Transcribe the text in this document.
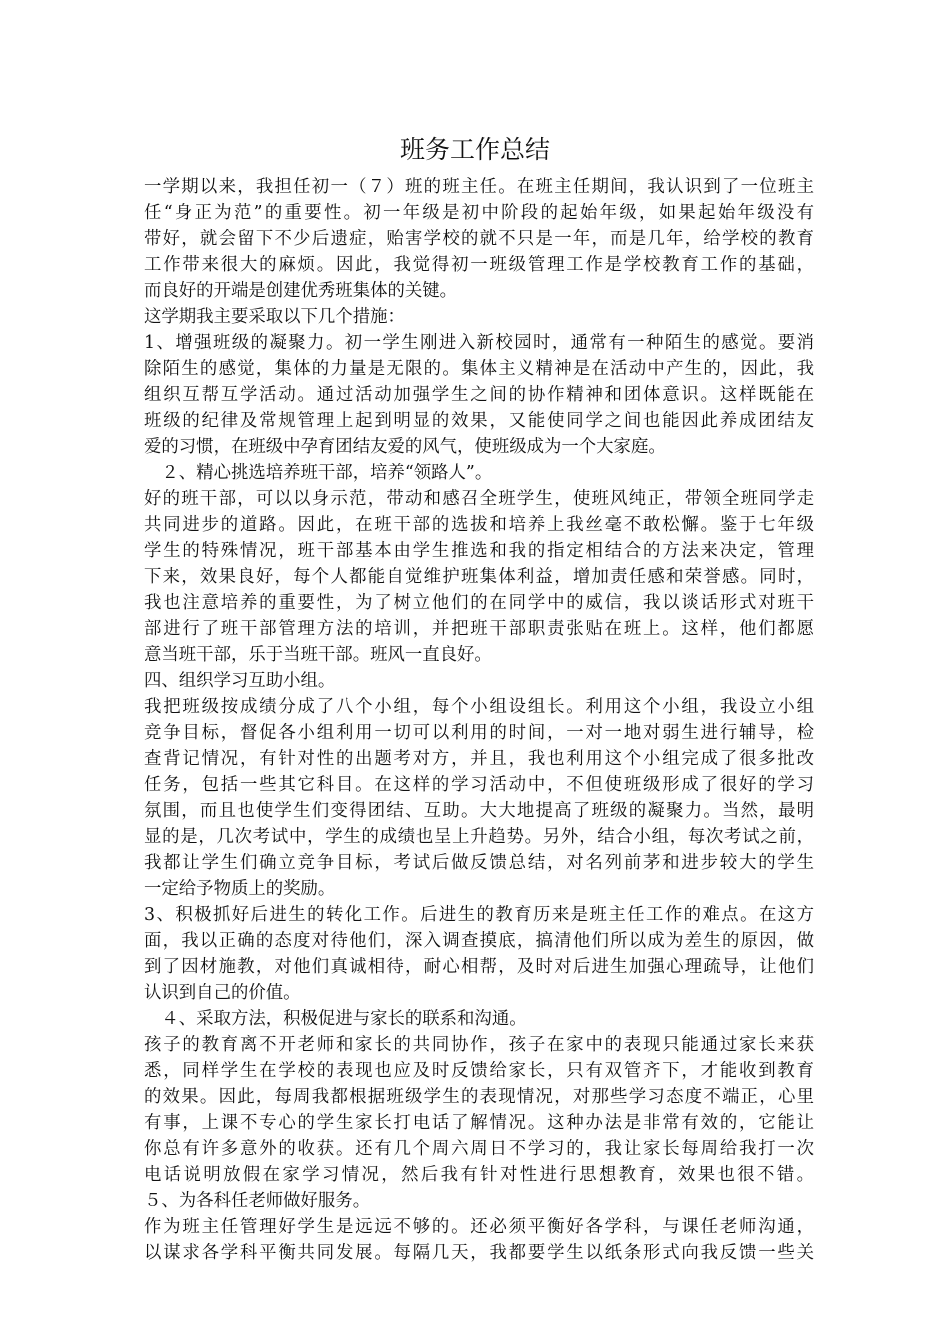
班务工作总结
一学期以来，我担任初一（７）班的班主任。在班主任期间，我认识到了一位班主
任“身正为范”的重要性。初一年级是初中阶段的起始年级，如果起始年级没有
带好，就会留下不少后遗症，贻害学校的就不只是一年，而是几年，给学校的教育
工作带来很大的麻烦。因此，我觉得初一班级管理工作是学校教育工作的基础，
而良好的开端是创建优秀班集体的关键。
这学期我主要采取以下几个措施：
1、增强班级的凝聚力。初一学生刚进入新校园时，通常有一种陌生的感觉。要消
除陌生的感觉，集体的力量是无限的。集体主义精神是在活动中产生的，因此，我
组织互帮互学活动。通过活动加强学生之间的协作精神和团体意识。这样既能在
班级的纪律及常规管理上起到明显的效果，又能使同学之间也能因此养成团结友
爱的习惯，在班级中孕育团结友爱的风气，使班级成为一个大家庭。
　２、精心挑选培养班干部，培养“领路人”。
好的班干部，可以以身示范，带动和感召全班学生，使班风纯正，带领全班同学走
共同进步的道路。因此，在班干部的选拔和培养上我丝毫不敢松懈。鉴于七年级
学生的特殊情况，班干部基本由学生推选和我的指定相结合的方法来决定，管理
下来，效果良好，每个人都能自觉维护班集体利益，增加责任感和荣誉感。同时，
我也注意培养的重要性，为了树立他们的在同学中的威信，我以谈话形式对班干
部进行了班干部管理方法的培训，并把班干部职责张贴在班上。这样，他们都愿
意当班干部，乐于当班干部。班风一直良好。
四、组织学习互助小组。
我把班级按成绩分成了八个小组，每个小组设组长。利用这个小组，我设立小组
竞争目标，督促各小组利用一切可以利用的时间，一对一地对弱生进行辅导，检
查背记情况，有针对性的出题考对方，并且，我也利用这个小组完成了很多批改
任务，包括一些其它科目。在这样的学习活动中，不但使班级形成了很好的学习
氛围，而且也使学生们变得团结、互助。大大地提高了班级的凝聚力。当然，最明
显的是，几次考试中，学生的成绩也呈上升趋势。另外，结合小组，每次考试之前，
我都让学生们确立竞争目标，考试后做反馈总结，对名列前茅和进步较大的学生
一定给予物质上的奖励。
3、积极抓好后进生的转化工作。后进生的教育历来是班主任工作的难点。在这方
面，我以正确的态度对待他们，深入调查摸底，搞清他们所以成为差生的原因，做
到了因材施教，对他们真诚相待，耐心相帮，及时对后进生加强心理疏导，让他们
认识到自己的价值。
　４、采取方法，积极促进与家长的联系和沟通。
孩子的教育离不开老师和家长的共同协作，孩子在家中的表现只能通过家长来获
悉，同样学生在学校的表现也应及时反馈给家长，只有双管齐下，才能收到教育
的效果。因此，每周我都根据班级学生的表现情况，对那些学习态度不端正，心里
有事，上课不专心的学生家长打电话了解情况。这种办法是非常有效的，它能让
你总有许多意外的收获。还有几个周六周日不学习的，我让家长每周给我打一次
电话说明放假在家学习情况，然后我有针对性进行思想教育，效果也很不错。
５、为各科任老师做好服务。
作为班主任管理好学生是远远不够的。还必须平衡好各学科，与课任老师沟通，
以谋求各学科平衡共同发展。每隔几天，我都要学生以纸条形式向我反馈一些关
